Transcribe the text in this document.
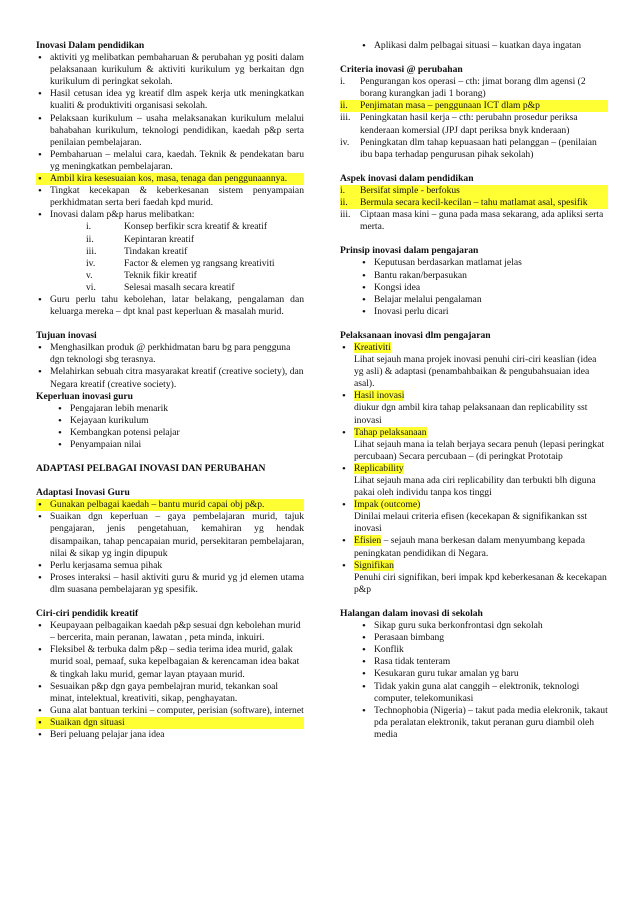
Inovasi Dalam pendidikan

• aktiviti yg melibatkan pembaharuan & perubahan yg positi dalam pelaksanaan kurikulum & aktiviti kurikulum yg berkaitan dgn kurikulum di peringkat sekolah.
• Hasil cetusan idea yg kreatif dlm aspek kerja utk meningkatkan kualiti & produktiviti organisasi sekolah.
• Pelaksaan kurikulum – usaha melaksanakan kurikulum melalui bahabahan kurikulum, teknologi pendidikan, kaedah p&p serta penilaian pembelajaran.
• Pembaharuan – melalui cara, kaedah. Teknik & pendekatan baru yg meningkatkan pembelajaran.
• Ambil kira kesesuaian kos, masa, tenaga dan penggunaannya.
• Tingkat kecekapan & keberkesanan sistem penyampaian perkhidmatan serta beri faedah kpd murid.
• Inovasi dalam p&p harus melibatkan:
i.	Konsep berfikir scra kreatif & kreatif
ii.	Kepintaran kreatif
iii.	Tindakan kreatif
iv.	Factor & elemen yg rangsang kreativiti
v.	Teknik fikir kreatif
vi.	Selesai masalh secara kreatif
• Guru perlu tahu kebolehan, latar belakang, pengalaman dan keluarga mereka – dpt knal past keperluan & masalah murid.

Tujuan inovasi

• Menghasilkan produk @ perkhidmatan baru bg para pengguna dgn teknologi sbg terasnya.
• Melahirkan sebuah citra masyarakat kreatif (creative society), dan Negara kreatif (creative society).

Keperluan inovasi guru

• Pengajaran lebih menarik
• Kejayaan kurikulum
• Kembangkan potensi pelajar
• Penyampaian nilai

ADAPTASI PELBAGAI INOVASI DAN PERUBAHAN

Adaptasi Inovasi Guru

• Gunakan pelbagai kaedah – bantu murid capai obj p&p.
• Suaikan dgn keperluan – gaya pembelajaran murid, tajuk pengajaran, jenis pengetahuan, kemahiran yg hendak disampaikan, tahap pencapaian murid, persekitaran pembelajaran, nilai & sikap yg ingin dipupuk
• Perlu kerjasama semua pihak
• Proses interaksi – hasil aktiviti guru & murid yg jd elemen utama dlm suasana pembelajaran yg spesifik.

Ciri-ciri pendidik kreatif

• Keupayaan pelbagaikan kaedah p&p sesuai dgn kebolehan murid – bercerita, main peranan, lawatan , peta minda, inkuiri.
• Fleksibel & terbuka dalm p&p – sedia terima idea murid, galak murid soal, pemaaf, suka kepelbagaian & kerencaman idea bakat & tingkah laku murid, gemar layan ptayaan murid.
• Sesuaikan p&p dgn gaya pembelajran murid, tekankan soal minat, intelektual, kreativiti, sikap, penghayatan.
• Guna alat bantuan terkini – computer, perisian (software), internet
• Suaikan dgn situasi
• Beri peluang pelajar jana idea
• Aplikasi dalm pelbagai situasi – kuatkan daya ingatan

Criteria inovasi @ perubahan

i. Pengurangan kos operasi – cth: jimat borang dlm agensi (2 borang kurangkan jadi 1 borang)
ii. Penjimatan masa – penggunaan ICT dlam p&p
iii. Peningkatan hasil kerja – cth: perubahn prosedur periksa kenderaan komersial (JPJ dapt periksa bnyk knderaan)
iv. Peningkatan dlm tahap kepuasaan hati pelanggan – (penilaian ibu bapa terhadap pengurusan pihak sekolah)

Aspek inovasi dalam pendidikan

i. Bersifat simple - berfokus
ii. Bermula secara kecil-kecilan – tahu matlamat asal, spesifik
iii. Ciptaan masa kini – guna pada masa sekarang, ada apliksi serta merta.

Prinsip inovasi dalam pengajaran

• Keputusan berdasarkan matlamat jelas
• Bantu rakan/berpasukan
• Kongsi idea
• Belajar melalui pengalaman
• Inovasi perlu dicari

Pelaksanaan inovasi dlm pengajaran

• Kreativiti
Lihat sejauh mana projek inovasi penuhi ciri-ciri keaslian (idea yg asli) & adaptasi (penambahbaikan & pengubahsuaian idea asal).
• Hasil inovasi
diukur dgn ambil kira tahap pelaksanaan dan replicability sst inovasi
• Tahap pelaksanaan
Lihat sejauh mana ia telah berjaya secara penuh (lepasi peringkat percubaan) Secara percubaan – (di peringkat Prototaip
• Replicability
Lihat sejauh mana ada ciri replicability dan terbukti blh diguna pakai oleh individu tanpa kos tinggi
• Impak (outcome)
Dinilai melaui criteria efisen (kecekapan & signifikankan sst inovasi
• Efisien – sejauh mana berkesan dalam menyumbang kepada peningkatan pendidikan di Negara.
• Signifikan
Penuhi ciri signifikan, beri impak kpd keberkesanan & kecekapan p&p

Halangan dalam inovasi di sekolah

• Sikap guru suka berkonfrontasi dgn sekolah
• Perasaan bimbang
• Konflik
• Rasa tidak tenteram
• Kesukaran guru tukar amalan yg baru
• Tidak yakin guna alat canggih – elektronik, teknologi computer, telekomunikasi
• Technophobia (Nigeria) – takut pada media elekronik, takaut pda peralatan elektronik, takut peranan guru diambil oleh media
